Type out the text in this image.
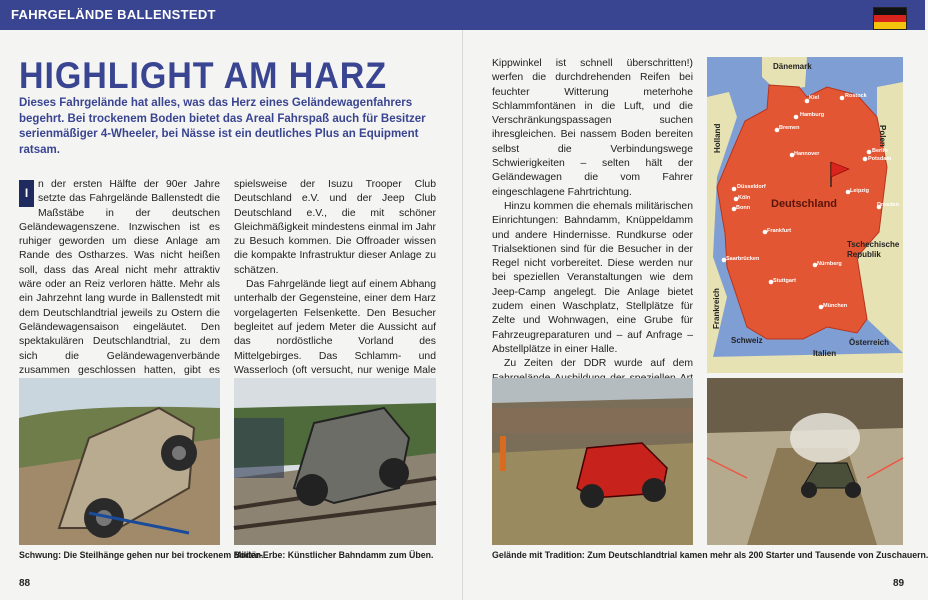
FAHRGELÄNDE BALLENSTEDT
HIGHLIGHT AM HARZ
Dieses Fahrgelände hat alles, was das Herz eines Geländewagenfahrers begehrt. Bei trockenem Boden bietet das Areal Fahrspaß auch für Besitzer serienmäßiger 4-Wheeler, bei Nässe ist ein deutliches Plus an Equipment ratsam.

I
n der ersten Hälfte der 90er Jahre setzte das Fahrgelände Ballenstedt die Maßstäbe in der deutschen Geländewagenszene. Inzwischen ist es ruhiger geworden um diese Anlage am Rande des Ostharzes. Was nicht heißen soll, dass das Areal nicht mehr attraktiv wäre oder an Reiz verloren hätte. Mehr als ein Jahrzehnt lang wurde in Ballenstedt mit dem Deutschlandtrial jeweils zu Ostern die Geländewagensaison eingeläutet. Den spektakulären Deutschlandtrial, zu dem sich die Geländewagenverbände zusammen geschlossen hatten, gibt es

spielsweise der Isuzu Trooper Club Deutschland e.V. und der Jeep Club Deutschland e.V., die mit schöner Gleichmäßigkeit mindestens einmal im Jahr zu Besuch kommen. Die Offroader wissen die kompakte Infrastruktur dieser Anlage zu schätzen.

Das Fahrgelände liegt auf einem Abhang unterhalb der Gegensteine, einer dem Harz vorgelagerten Felsenkette. Den Besucher begleitet auf jedem Meter die Aussicht auf das nordöstliche Vorland des Mittelgebirges. Das Schlamm- und Wasserloch (oft versucht, nur wenige Male

Kippwinkel ist schnell überschritten!) werfen die durchdrehenden Reifen bei feuchter Witterung meterhohe Schlammfontänen in die Luft, und die Verschränkungspassagen suchen ihresgleichen. Bei nassem Boden bereiten selbst die Verbindungswege Schwierigkeiten – selten hält der Geländewagen die vom Fahrer eingeschlagene Fahrtrichtung.

Hinzu kommen die ehemals militärischen Einrichtungen: Bahndamm, Knüppeldamm und andere Hindernisse. Rundkurse oder Trialsektionen sind für die Besucher in der Regel nicht vorbereitet. Diese werden nur bei speziellen Veranstaltungen wie dem Jeep-Camp angelegt. Die Anlage bietet zudem einen Waschplatz, Stellplätze für Zelte und Wohnwagen, eine Grube für Fahrzeugreparaturen und – auf Anfrage – Abstellplätze in einer Halle.

Zu Zeiten der DDR wurde auf dem

Dänemark
Polen
Holland
Tschechische Republik
Frankreich
Schweiz
Italien
Österreich
Deutschland
Kiel	Rostock
Hamburg
Bremen
Berlin
Potsdam
Hannover
Leipzig
Dresden
Düsseldorf
Köln
Bonn
Frankfurt
Saarbrücken
Nürnberg
Stuttgart
München
Schwung: Die Steilhänge gehen nur bei trockenem Boden.
Militär-Erbe: Künstlicher Bahndamm zum Üben.	Gelände mit Tradition: Zum Deutschlandtrial kamen mehr als 200 Starter und Tausende von Zuschauern.
88	89
